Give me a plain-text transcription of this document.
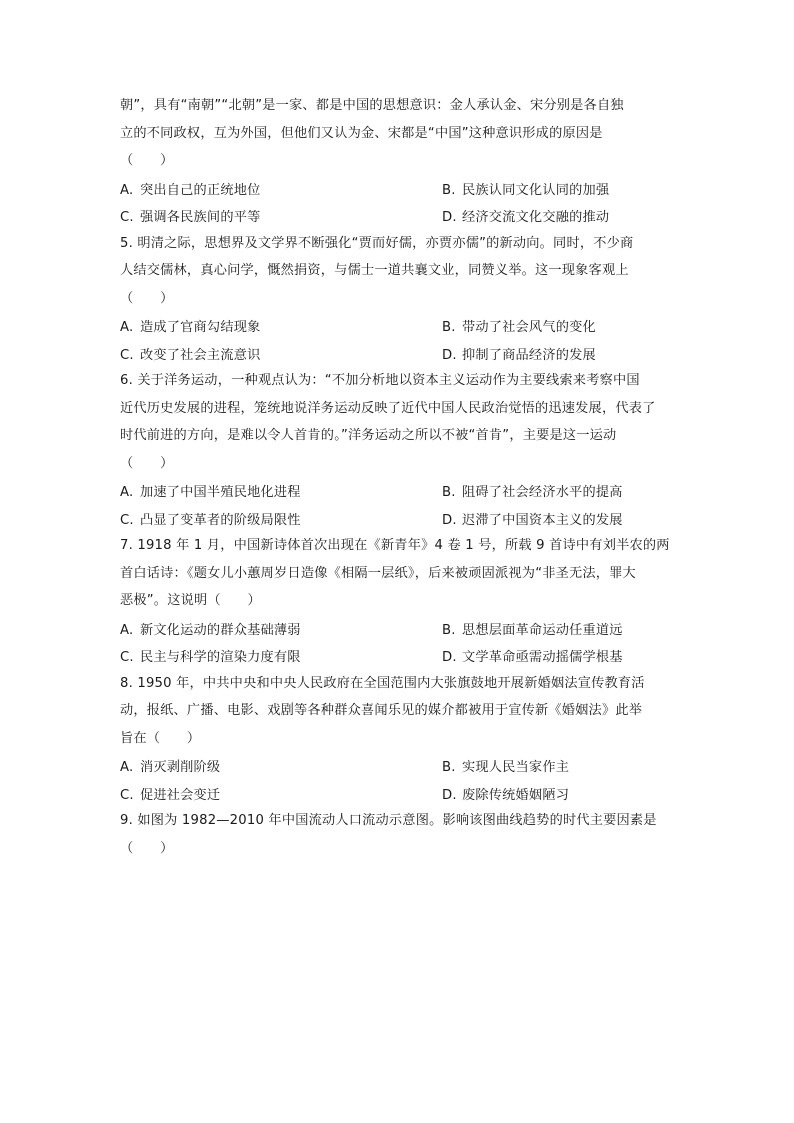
朝”，具有“南朝”“北朝”是一家、都是中国的思想意识：金人承认金、宋分别是各自独
立的不同政权，互为外国，但他们又认为金、宋都是“中国”这种意识形成的原因是
（　　）
A. 突出自己的正统地位	B. 民族认同文化认同的加强
C. 强调各民族间的平等	D. 经济交流文化交融的推动
5. 明清之际，思想界及文学界不断强化“贾而好儒，亦贾亦儒”的新动向。同时，不少商
人结交儒林，真心问学，慨然捐资，与儒士一道共襄文业，同赞义举。这一现象客观上
（　　）
A. 造成了官商勾结现象	B. 带动了社会风气的变化
C. 改变了社会主流意识	D. 抑制了商品经济的发展
6. 关于洋务运动，一种观点认为：“不加分析地以资本主义运动作为主要线索来考察中国
近代历史发展的进程，笼统地说洋务运动反映了近代中国人民政治觉悟的迅速发展，代表了
时代前进的方向，是难以令人首肯的。”洋务运动之所以不被“首肯”，主要是这一运动
（　　）
A. 加速了中国半殖民地化进程	B. 阻碍了社会经济水平的提高
C. 凸显了变革者的阶级局限性	D. 迟滞了中国资本主义的发展
7. 1918 年 1 月，中国新诗体首次出现在《新青年》4 卷 1 号，所载 9 首诗中有刘半农的两
首白话诗：《题女儿小蕙周岁日造像《相隔一层纸》，后来被顽固派视为“非圣无法，罪大
恶极”。这说明（　　）
A. 新文化运动的群众基础薄弱	B. 思想层面革命运动任重道远
C. 民主与科学的渲染力度有限	D. 文学革命亟需动摇儒学根基
8. 1950 年，中共中央和中央人民政府在全国范围内大张旗鼓地开展新婚姻法宣传教育活
动，报纸、广播、电影、戏剧等各种群众喜闻乐见的媒介都被用于宣传新《婚姻法》此举
旨在（　　）
A. 消灭剥削阶级	B. 实现人民当家作主
C. 促进社会变迁	D. 废除传统婚姻陋习
9. 如图为 1982—2010 年中国流动人口流动示意图。影响该图曲线趋势的时代主要因素是
（　　）
